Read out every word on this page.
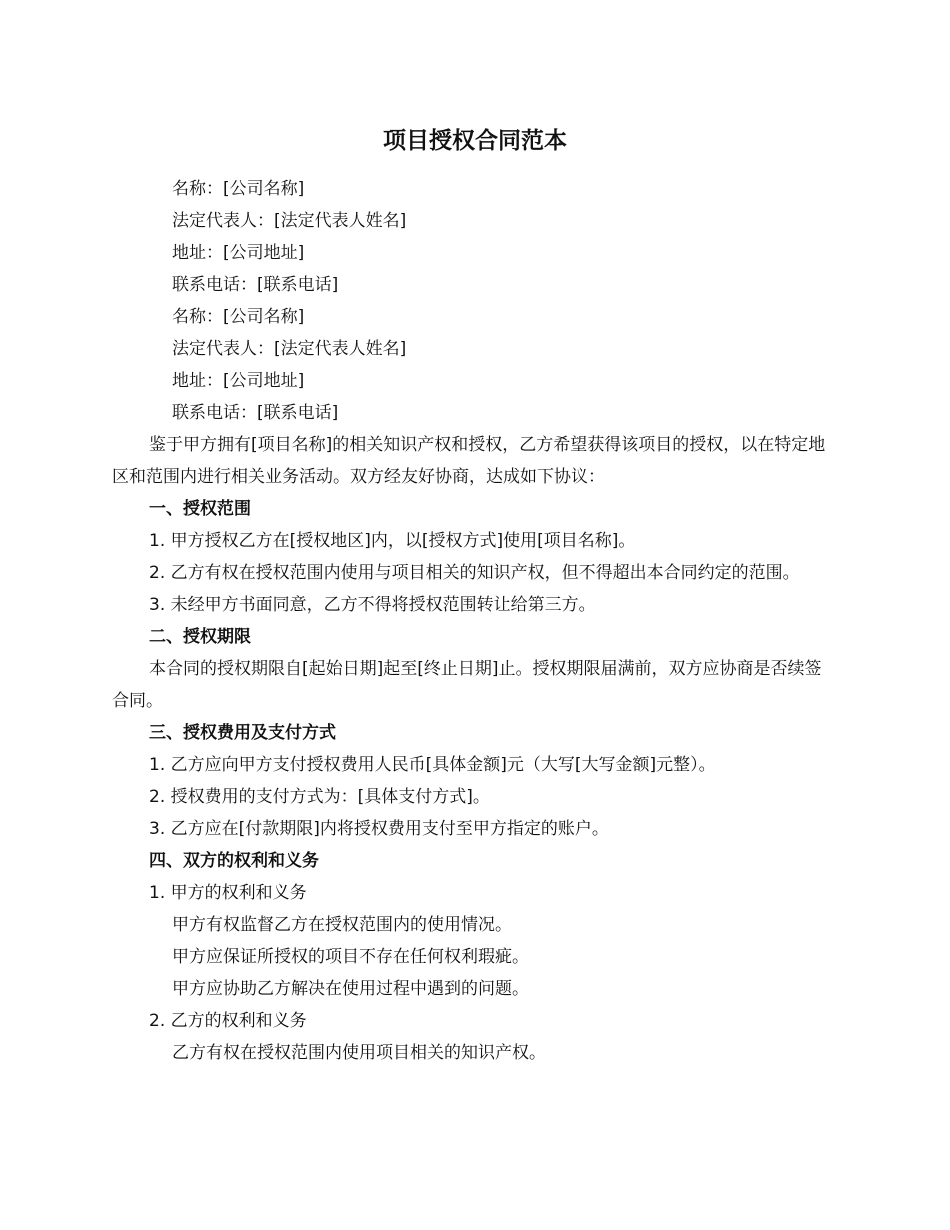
项目授权合同范本

名称：[公司名称]

法定代表人：[法定代表人姓名]

地址：[公司地址]

联系电话：[联系电话]

名称：[公司名称]

法定代表人：[法定代表人姓名]

地址：[公司地址]

联系电话：[联系电话]

鉴于甲方拥有[项目名称]的相关知识产权和授权，乙方希望获得该项目的授权，以在特定地区和范围内进行相关业务活动。双方经友好协商，达成如下协议：

一、授权范围

1. 甲方授权乙方在[授权地区]内，以[授权方式]使用[项目名称]。

2. 乙方有权在授权范围内使用与项目相关的知识产权，但不得超出本合同约定的范围。

3. 未经甲方书面同意，乙方不得将授权范围转让给第三方。

二、授权期限

本合同的授权期限自[起始日期]起至[终止日期]止。授权期限届满前，双方应协商是否续签合同。

三、授权费用及支付方式

1. 乙方应向甲方支付授权费用人民币[具体金额]元（大写[大写金额]元整）。

2. 授权费用的支付方式为：[具体支付方式]。

3. 乙方应在[付款期限]内将授权费用支付至甲方指定的账户。

四、双方的权利和义务

1. 甲方的权利和义务

甲方有权监督乙方在授权范围内的使用情况。

甲方应保证所授权的项目不存在任何权利瑕疵。

甲方应协助乙方解决在使用过程中遇到的问题。

2. 乙方的权利和义务

乙方有权在授权范围内使用项目相关的知识产权。
